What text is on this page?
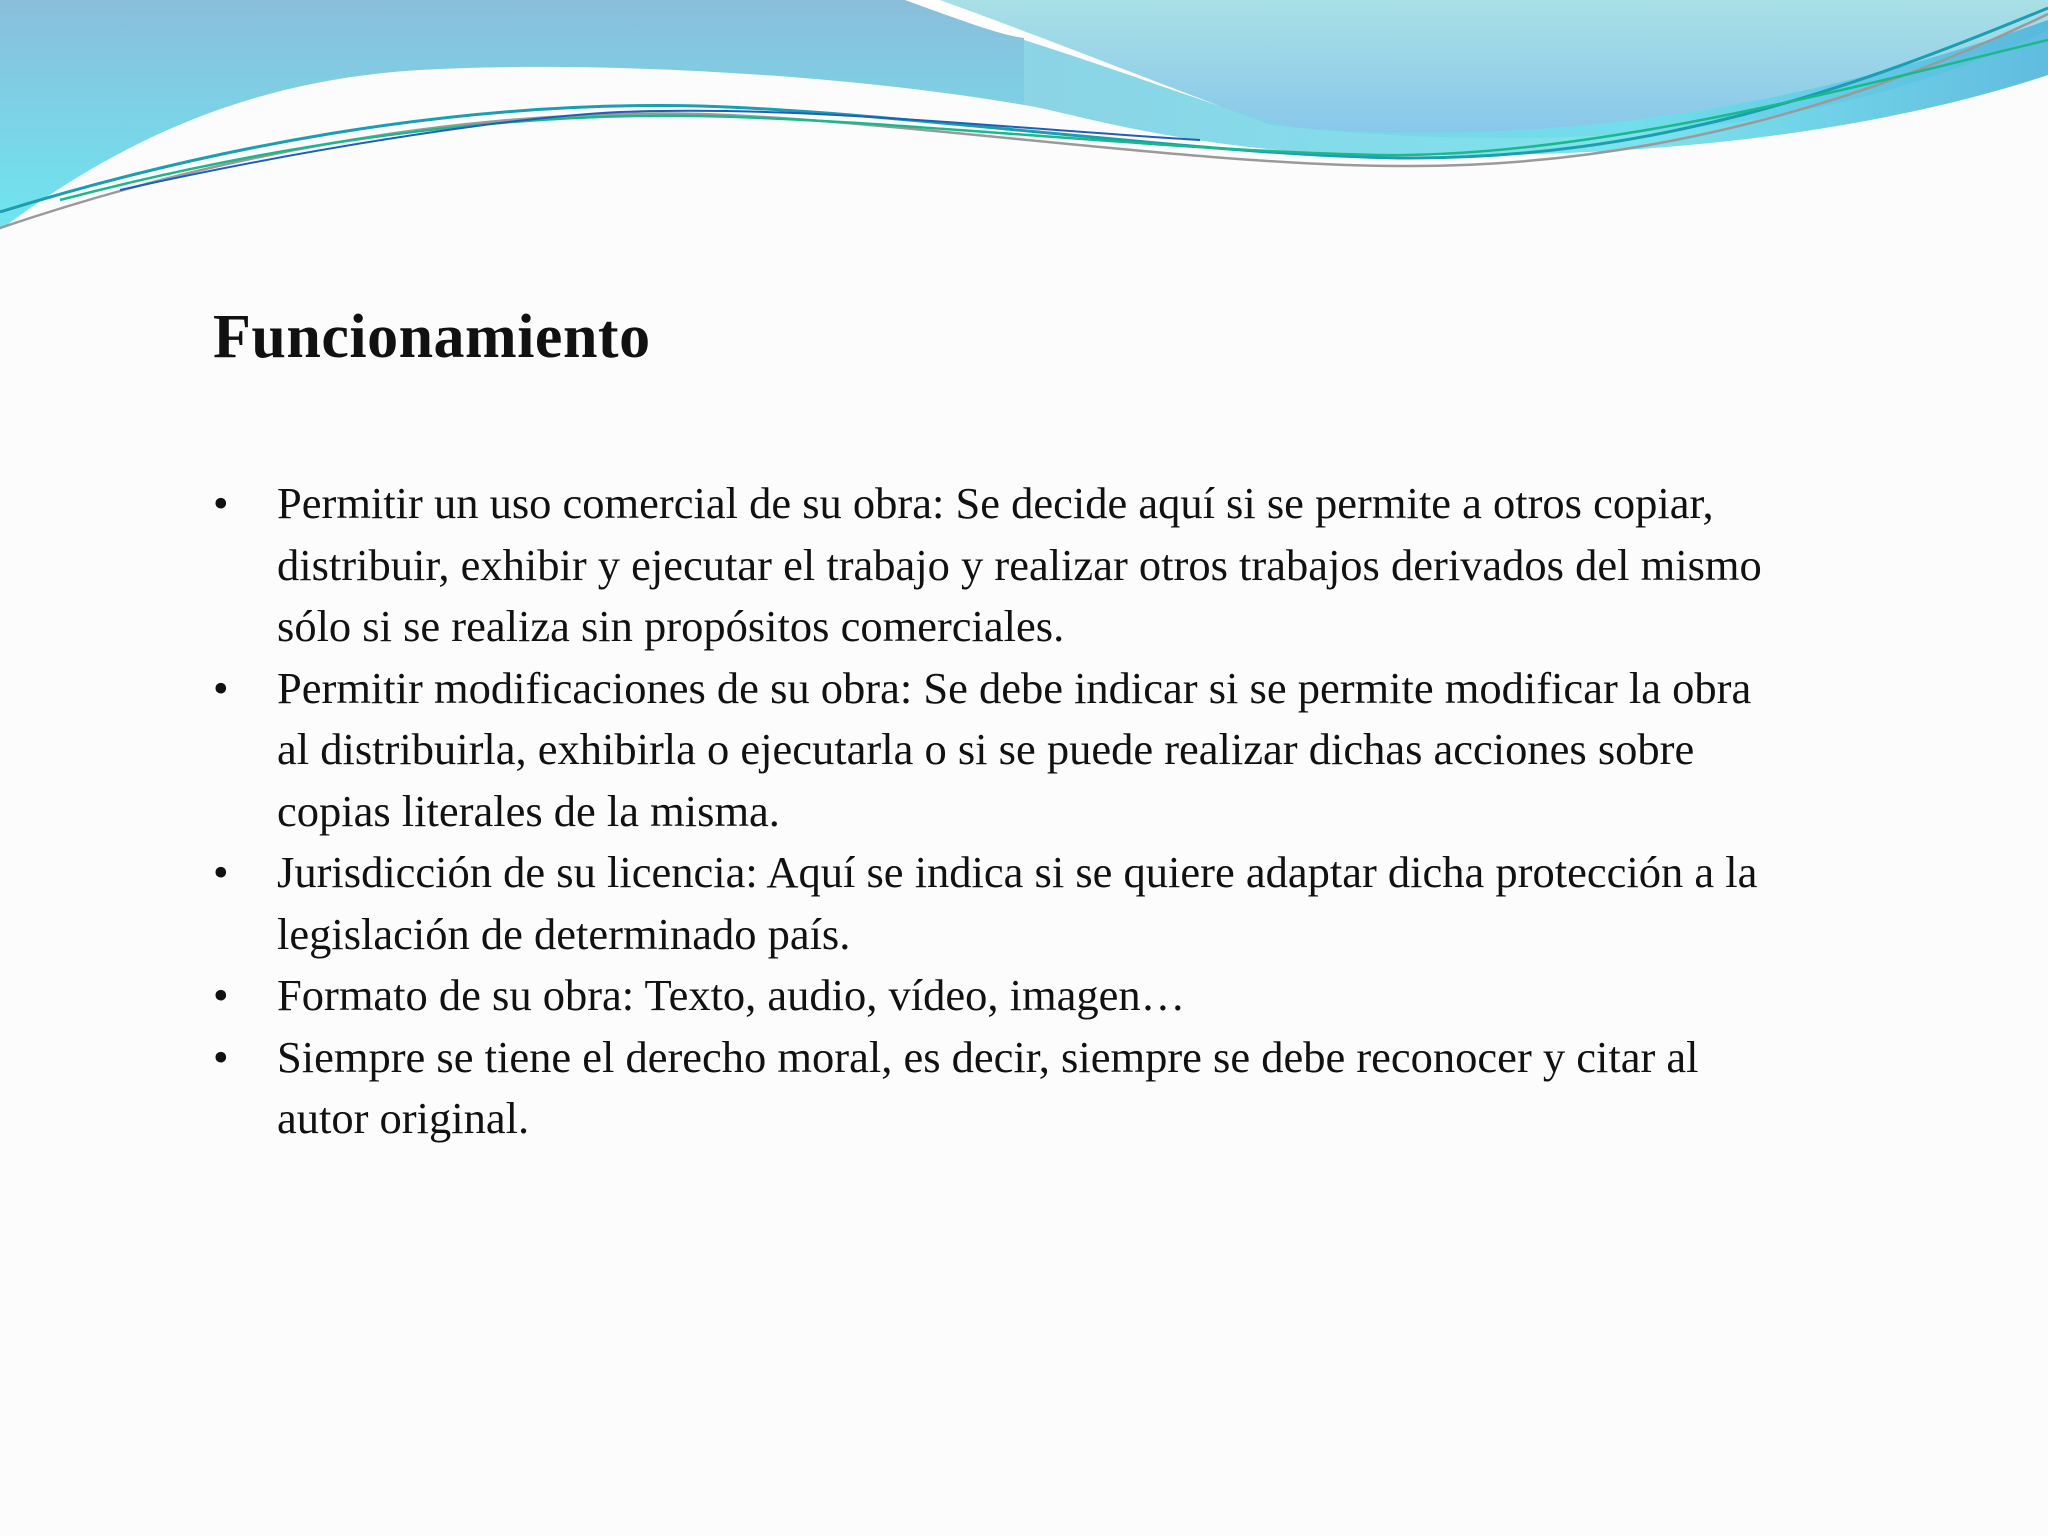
Funcionamiento
•	Permitir un uso comercial de su obra: Se decide aquí si se permite a otros copiar, distribuir, exhibir y ejecutar el trabajo y realizar otros trabajos derivados del mismo sólo si se realiza sin propósitos comerciales.
•	Permitir modificaciones de su obra: Se debe indicar si se permite modificar la obra al distribuirla, exhibirla o ejecutarla o si se puede realizar dichas acciones sobre copias literales de la misma.
•	Jurisdicción de su licencia: Aquí se indica si se quiere adaptar dicha protección a la legislación de determinado país.
•	Formato de su obra: Texto, audio, vídeo, imagen…
•	Siempre se tiene el derecho moral, es decir, siempre se debe reconocer y citar al autor original.
